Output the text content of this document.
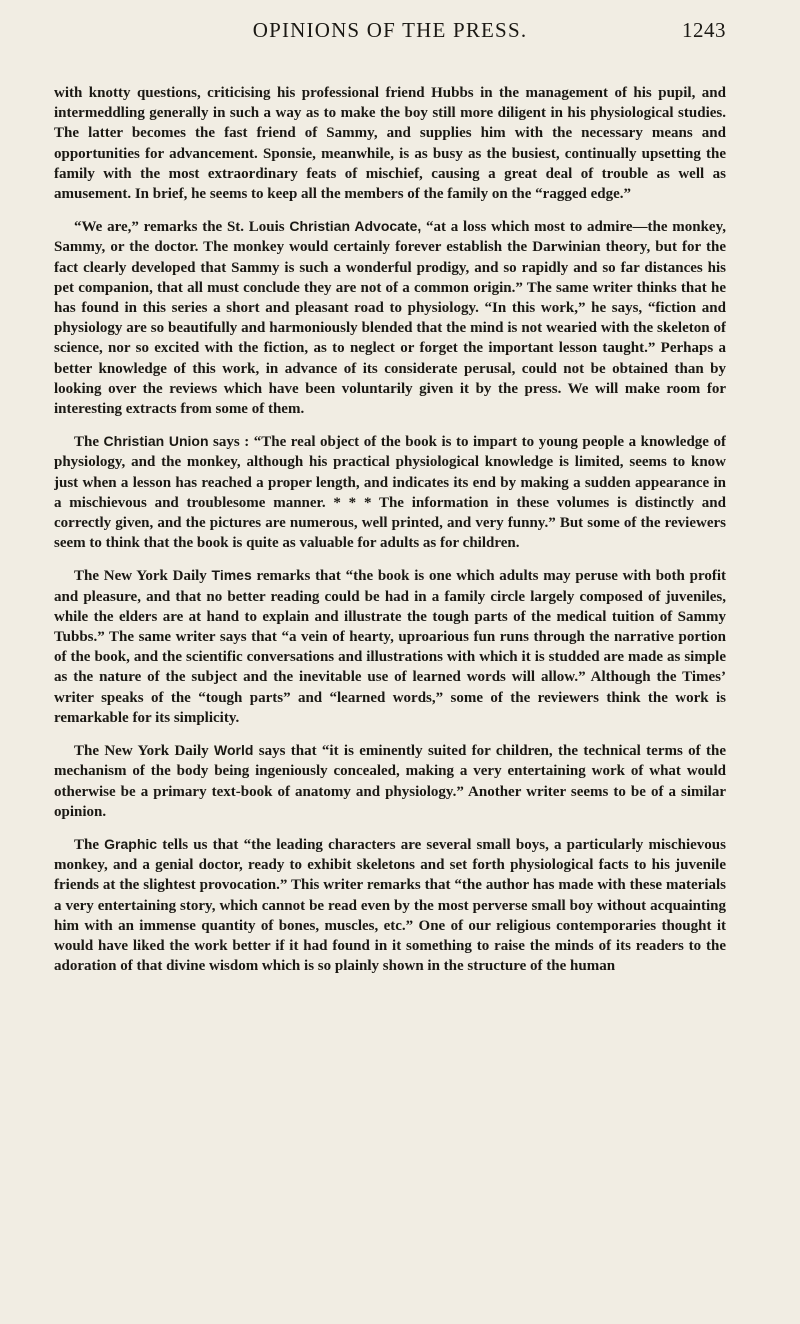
OPINIONS OF THE PRESS.	1243

with knotty questions, criticising his professional friend Hubbs in the management of his pupil, and intermeddling generally in such a way as to make the boy still more diligent in his physiological studies. The latter becomes the fast friend of Sammy, and supplies him with the necessary means and opportunities for advancement. Sponsie, meanwhile, is as busy as the busiest, continually upsetting the family with the most extraordinary feats of mischief, causing a great deal of trouble as well as amusement. In brief, he seems to keep all the members of the family on the “ragged edge.”

“We are,” remarks the St. Louis Christian Advocate, “at a loss which most to admire—the monkey, Sammy, or the doctor. The monkey would certainly forever establish the Darwinian theory, but for the fact clearly developed that Sammy is such a wonderful prodigy, and so rapidly and so far distances his pet companion, that all must conclude they are not of a common origin.” The same writer thinks that he has found in this series a short and pleasant road to physiology. “In this work,” he says, “fiction and physiology are so beautifully and harmoniously blended that the mind is not wearied with the skeleton of science, nor so excited with the fiction, as to neglect or forget the important lesson taught.” Perhaps a better knowledge of this work, in advance of its considerate perusal, could not be obtained than by looking over the reviews which have been voluntarily given it by the press. We will make room for interesting extracts from some of them.

The Christian Union says : “The real object of the book is to impart to young people a knowledge of physiology, and the monkey, although his practical physiological knowledge is limited, seems to know just when a lesson has reached a proper length, and indicates its end by making a sudden appearance in a mischievous and troublesome manner. * * * The information in these volumes is distinctly and correctly given, and the pictures are numerous, well printed, and very funny.” But some of the reviewers seem to think that the book is quite as valuable for adults as for children.

The New York Daily Times remarks that “the book is one which adults may peruse with both profit and pleasure, and that no better reading could be had in a family circle largely composed of juveniles, while the elders are at hand to explain and illustrate the tough parts of the medical tuition of Sammy Tubbs.” The same writer says that “a vein of hearty, uproarious fun runs through the narrative portion of the book, and the scientific conversations and illustrations with which it is studded are made as simple as the nature of the subject and the inevitable use of learned words will allow.” Although the Times’ writer speaks of the “tough parts” and “learned words,” some of the reviewers think the work is remarkable for its simplicity.

The New York Daily World says that “it is eminently suited for children, the technical terms of the mechanism of the body being ingeniously concealed, making a very entertaining work of what would otherwise be a primary text-book of anatomy and physiology.” Another writer seems to be of a similar opinion.

The Graphic tells us that “the leading characters are several small boys, a particularly mischievous monkey, and a genial doctor, ready to exhibit skeletons and set forth physiological facts to his juvenile friends at the slightest provocation.” This writer remarks that “the author has made with these materials a very entertaining story, which cannot be read even by the most perverse small boy without acquainting him with an immense quantity of bones, muscles, etc.” One of our religious contemporaries thought it would have liked the work better if it had found in it something to raise the minds of its readers to the adoration of that divine wisdom which is so plainly shown in the structure of the human
